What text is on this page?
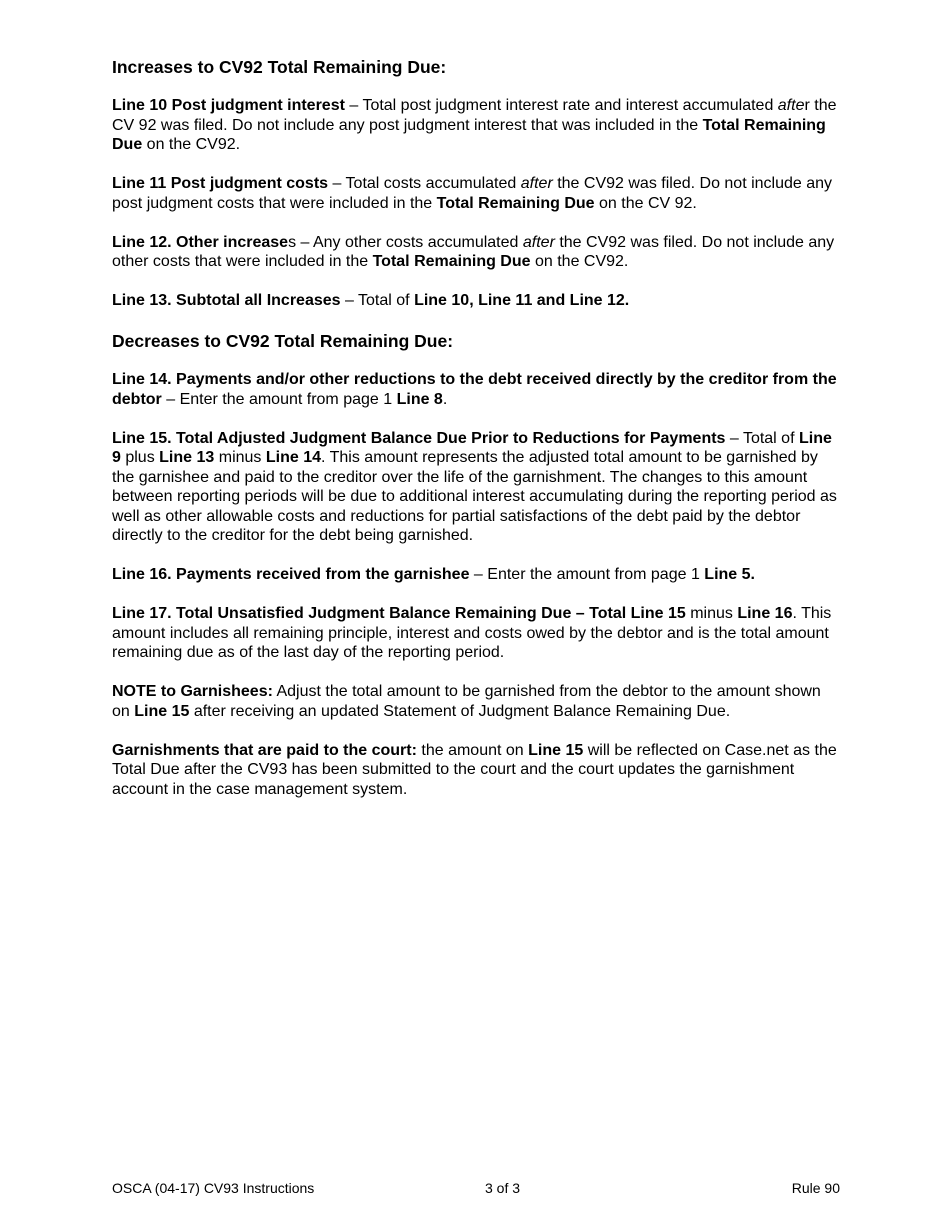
Increases to CV92 Total Remaining Due:

Line 10 Post judgment interest – Total post judgment interest rate and interest accumulated after the CV 92 was filed. Do not include any post judgment interest that was included in the Total Remaining Due on the CV92.

Line 11 Post judgment costs – Total costs accumulated after the CV92 was filed. Do not include any post judgment costs that were included in the Total Remaining Due on the CV 92.

Line 12. Other increases – Any other costs accumulated after the CV92 was filed. Do not include any other costs that were included in the Total Remaining Due on the CV92.

Line 13. Subtotal all Increases – Total of Line 10, Line 11 and Line 12.

Decreases to CV92 Total Remaining Due:

Line 14. Payments and/or other reductions to the debt received directly by the creditor from the debtor – Enter the amount from page 1 Line 8.

Line 15. Total Adjusted Judgment Balance Due Prior to Reductions for Payments – Total of Line 9 plus Line 13 minus Line 14. This amount represents the adjusted total amount to be garnished by the garnishee and paid to the creditor over the life of the garnishment. The changes to this amount between reporting periods will be due to additional interest accumulating during the reporting period as well as other allowable costs and reductions for partial satisfactions of the debt paid by the debtor directly to the creditor for the debt being garnished.

Line 16. Payments received from the garnishee – Enter the amount from page 1 Line 5.

Line 17. Total Unsatisfied Judgment Balance Remaining Due – Total Line 15 minus Line 16. This amount includes all remaining principle, interest and costs owed by the debtor and is the total amount remaining due as of the last day of the reporting period.

NOTE to Garnishees: Adjust the total amount to be garnished from the debtor to the amount shown on Line 15 after receiving an updated Statement of Judgment Balance Remaining Due.

Garnishments that are paid to the court: the amount on Line 15 will be reflected on Case.net as the Total Due after the CV93 has been submitted to the court and the court updates the garnishment account in the case management system.

OSCA (04-17) CV93 Instructions	3 of 3	Rule 90
